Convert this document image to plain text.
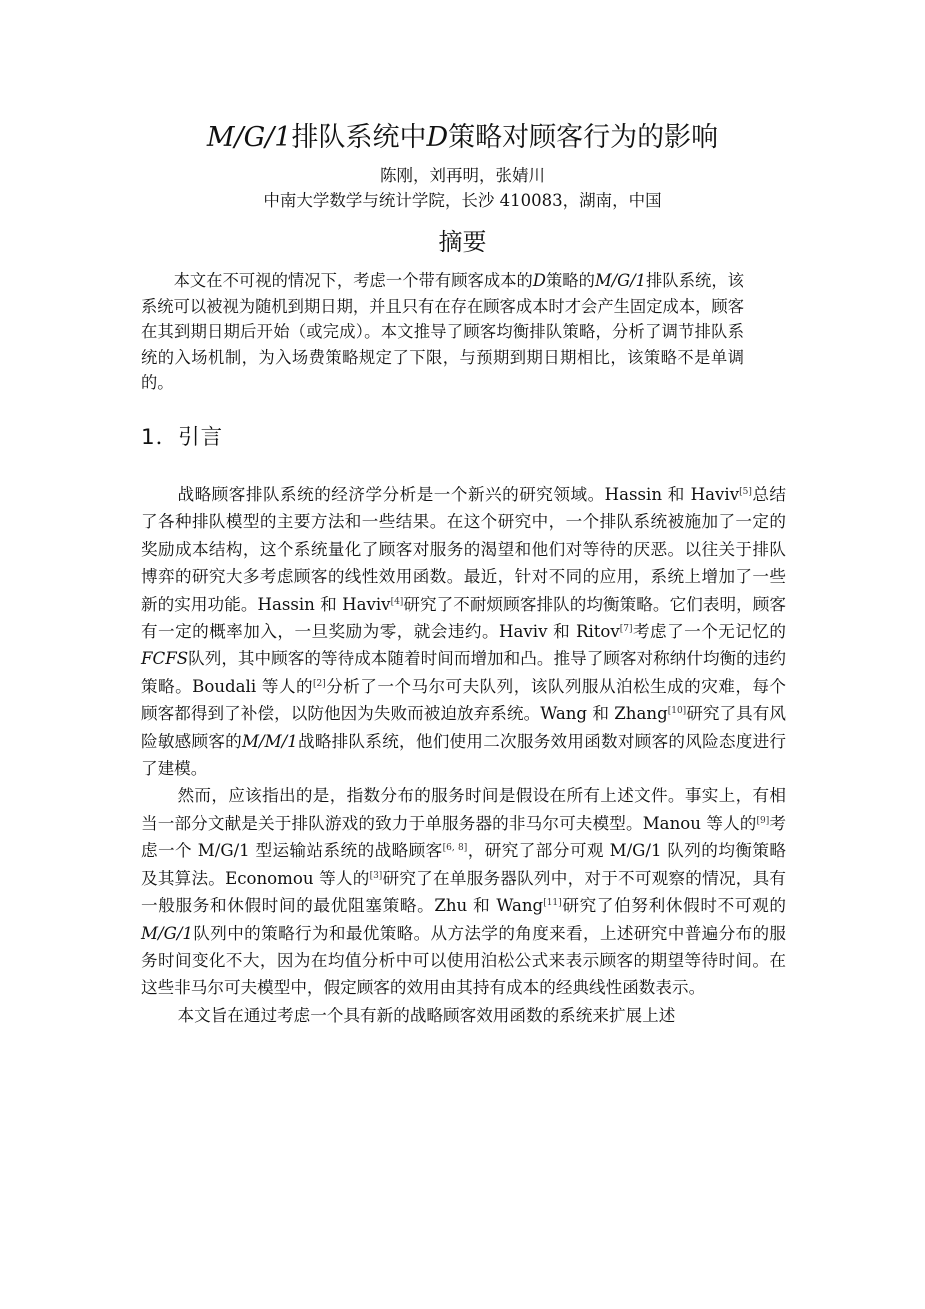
M/G/1排队系统中D策略对顾客行为的影响
陈刚，刘再明，张婧川
中南大学数学与统计学院，长沙 410083，湖南，中国
摘要

本文在不可视的情况下，考虑一个带有顾客成本的D策略的M/G/1排队系统，该系统可以被视为随机到期日期，并且只有在存在顾客成本时才会产生固定成本，顾客在其到期日期后开始（或完成）。本文推导了顾客均衡排队策略，分析了调节排队系统的入场机制，为入场费策略规定了下限，与预期到期日期相比，该策略不是单调的。

1．引言

战略顾客排队系统的经济学分析是一个新兴的研究领域。Hassin 和 Haviv[5]总结了各种排队模型的主要方法和一些结果。在这个研究中，一个排队系统被施加了一定的奖励成本结构，这个系统量化了顾客对服务的渴望和他们对等待的厌恶。以往关于排队博弈的研究大多考虑顾客的线性效用函数。最近，针对不同的应用，系统上增加了一些新的实用功能。Hassin 和 Haviv[4]研究了不耐烦顾客排队的均衡策略。它们表明，顾客有一定的概率加入，一旦奖励为零，就会违约。Haviv 和 Ritov[7]考虑了一个无记忆的FCFS队列，其中顾客的等待成本随着时间而增加和凸。推导了顾客对称纳什均衡的违约策略。Boudali 等人的[2]分析了一个马尔可夫队列，该队列服从泊松生成的灾难，每个顾客都得到了补偿，以防他因为失败而被迫放弃系统。Wang 和 Zhang[10]研究了具有风险敏感顾客的M/M/1战略排队系统，他们使用二次服务效用函数对顾客的风险态度进行了建模。

然而，应该指出的是，指数分布的服务时间是假设在所有上述文件。事实上，有相当一部分文献是关于排队游戏的致力于单服务器的非马尔可夫模型。Manou 等人的[9]考虑一个 M/G/1 型运输站系统的战略顾客[6, 8]，研究了部分可观 M/G/1 队列的均衡策略及其算法。Economou 等人的[3]研究了在单服务器队列中，对于不可观察的情况，具有一般服务和休假时间的最优阻塞策略。Zhu 和 Wang[11]研究了伯努利休假时不可观的M/G/1队列中的策略行为和最优策略。从方法学的角度来看，上述研究中普遍分布的服务时间变化不大，因为在均值分析中可以使用泊松公式来表示顾客的期望等待时间。在这些非马尔可夫模型中，假定顾客的效用由其持有成本的经典线性函数表示。

本文旨在通过考虑一个具有新的战略顾客效用函数的系统来扩展上述
